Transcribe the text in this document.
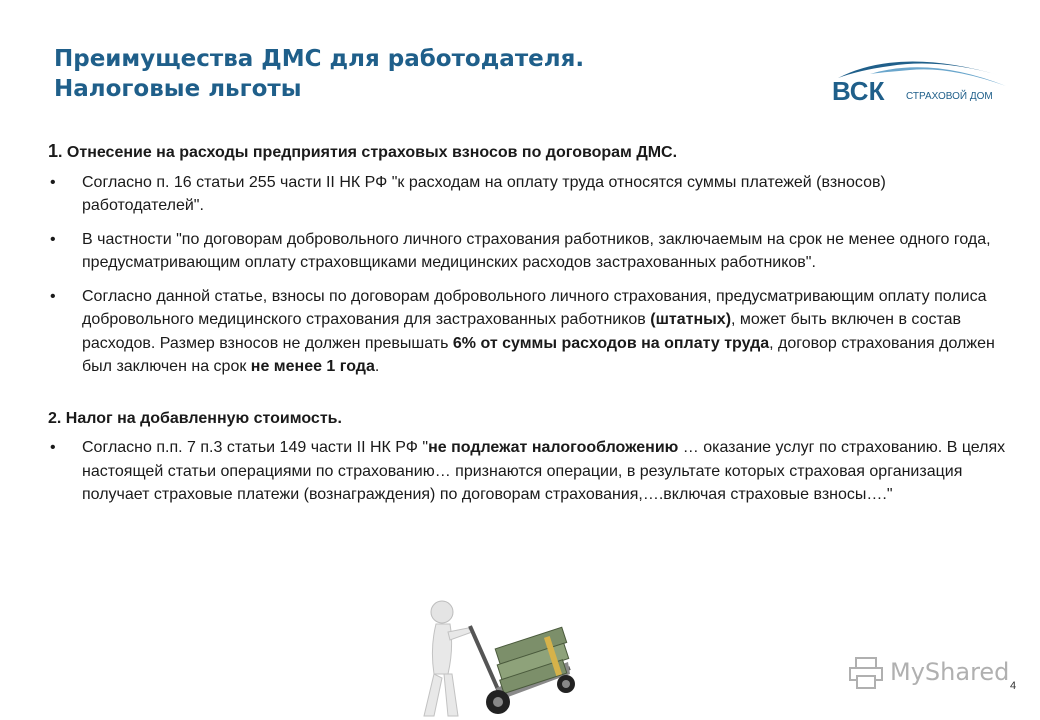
Преимущества ДМС для работодателя.
Налоговые льготы	ВСК СТРАХОВОЙ ДОМ

1. Отнесение на расходы предприятия страховых взносов по договорам ДМС.

•	Согласно п. 16 статьи 255 части II НК РФ "к расходам на оплату труда относятся суммы платежей (взносов) работодателей".
•	В частности "по договорам добровольного личного страхования работников, заключаемым на срок не менее одного года, предусматривающим оплату страховщиками медицинских расходов застрахованных работников".
•	Согласно данной статье, взносы по договорам добровольного личного страхования, предусматривающим оплату полиса добровольного медицинского страхования для застрахованных работников (штатных), может быть включен в состав расходов. Размер взносов не должен превышать 6% от суммы расходов на оплату труда, договор страхования должен был заключен на срок не менее 1 года.

2. Налог на добавленную стоимость.

•	Согласно п.п. 7 п.3 статьи 149 части II НК РФ "не подлежат налогообложению … оказание услуг по страхованию. В целях настоящей статьи операциями по страхованию… признаются операции, в результате которых страховая организация получает страховые платежи (вознаграждения) по договорам страхования,….включая страховые взносы…."
MyShared 4
